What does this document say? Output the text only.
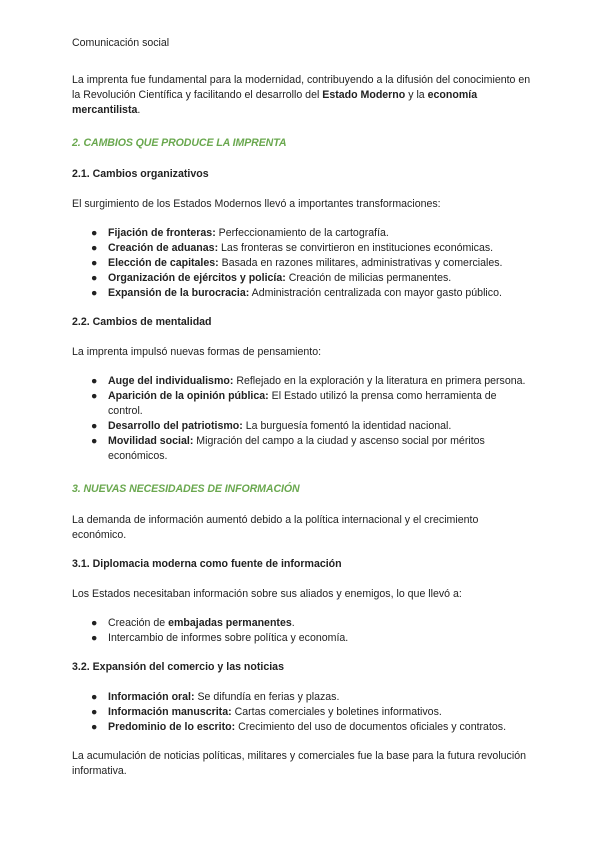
Comunicación social

La imprenta fue fundamental para la modernidad, contribuyendo a la difusión del conocimiento en la Revolución Científica y facilitando el desarrollo del Estado Moderno y la economía mercantilista.

2. CAMBIOS QUE PRODUCE LA IMPRENTA
2.1. Cambios organizativos

El surgimiento de los Estados Modernos llevó a importantes transformaciones:

● Fijación de fronteras: Perfeccionamiento de la cartografía.
● Creación de aduanas: Las fronteras se convirtieron en instituciones económicas.
● Elección de capitales: Basada en razones militares, administrativas y comerciales.
● Organización de ejércitos y policía: Creación de milicias permanentes.
● Expansión de la burocracia: Administración centralizada con mayor gasto público.
2.2. Cambios de mentalidad

La imprenta impulsó nuevas formas de pensamiento:

● Auge del individualismo: Reflejado en la exploración y la literatura en primera persona.
● Aparición de la opinión pública: El Estado utilizó la prensa como herramienta de control.
● Desarrollo del patriotismo: La burguesía fomentó la identidad nacional.
● Movilidad social: Migración del campo a la ciudad y ascenso social por méritos económicos.
3. NUEVAS NECESIDADES DE INFORMACIÓN

La demanda de información aumentó debido a la política internacional y el crecimiento económico.

3.1. Diplomacia moderna como fuente de información

Los Estados necesitaban información sobre sus aliados y enemigos, lo que llevó a:

● Creación de embajadas permanentes.
● Intercambio de informes sobre política y economía.
3.2. Expansión del comercio y las noticias
● Información oral: Se difundía en ferias y plazas.
● Información manuscrita: Cartas comerciales y boletines informativos.
● Predominio de lo escrito: Crecimiento del uso de documentos oficiales y contratos.

La acumulación de noticias políticas, militares y comerciales fue la base para la futura revolución informativa.
